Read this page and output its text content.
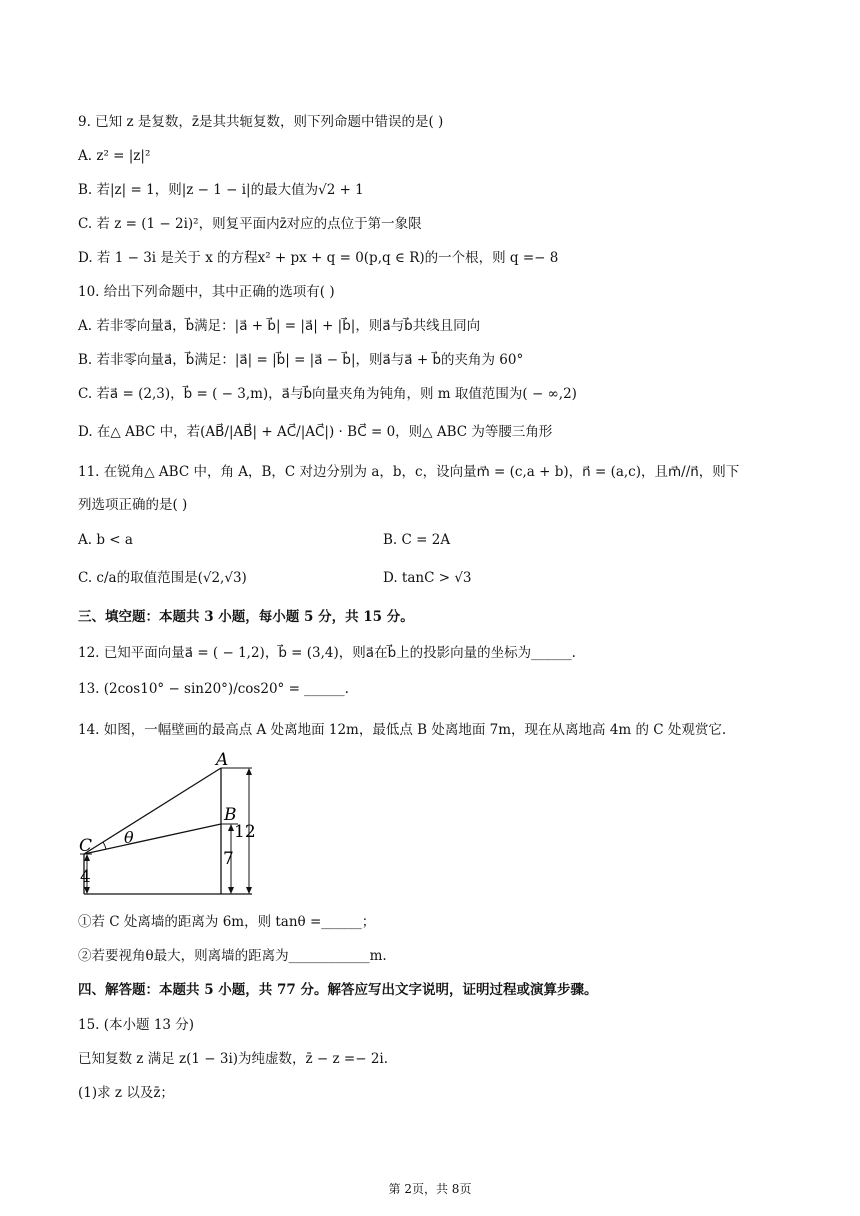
9. 已知 z 是复数，z̄是其共轭复数，则下列命题中错误的是( )
A. z² = |z|²
B. 若|z| = 1，则|z − 1 − i|的最大值为√2 + 1
C. 若 z = (1 − 2i)²，则复平面内z̄对应的点位于第一象限
D. 若 1 − 3i 是关于 x 的方程x² + px + q = 0(p,q ∈ R)的一个根，则 q =− 8
10. 给出下列命题中，其中正确的选项有( )
A. 若非零向量a⃗，b⃗满足：|a⃗ + b⃗| = |a⃗| + |b⃗|，则a⃗与b⃗共线且同向
B. 若非零向量a⃗，b⃗满足：|a⃗| = |b⃗| = |a⃗ − b⃗|，则a⃗与a⃗ + b⃗的夹角为 60°
C. 若a⃗ = (2,3)，b⃗ = ( − 3,m)，a⃗与b⃗向量夹角为钝角，则 m 取值范围为( − ∞,2)
D. 在△ ABC 中，若(AB⃗/|AB⃗| + AC⃗/|AC⃗|) · BC⃗ = 0，则△ ABC 为等腰三角形
11. 在锐角△ ABC 中，角 A，B，C 对边分别为 a，b，c，设向量m⃗ = (c,a + b)，n⃗ = (a,c)，且m⃗//n⃗，则下
列选项正确的是( )
A. b < a	B. C = 2A
C. c/a的取值范围是(√2,√3)	D. tanC > √3
三、填空题：本题共 3 小题，每小题 5 分，共 15 分。
12. 已知平面向量a⃗ = ( − 1,2)，b⃗ = (3,4)，则a⃗在b⃗上的投影向量的坐标为______.
13. (2cos10° − sin20°)/cos20° = ______.
14. 如图，一幅壁画的最高点 A 处离地面 12m，最低点 B 处离地面 7m，现在从离地高 4m 的 C 处观赏它.
A
B
C θ	12
7
4
①若 C 处离墙的距离为 6m，则 tanθ =______；
②若要视角θ最大，则离墙的距离为____________m.
四、解答题：本题共 5 小题，共 77 分。解答应写出文字说明，证明过程或演算步骤。
15. (本小题 13 分)
已知复数 z 满足 z(1 − 3i)为纯虚数，z̄ − z =− 2i.
(1)求 z 以及z̄；
第 2页，共 8页
